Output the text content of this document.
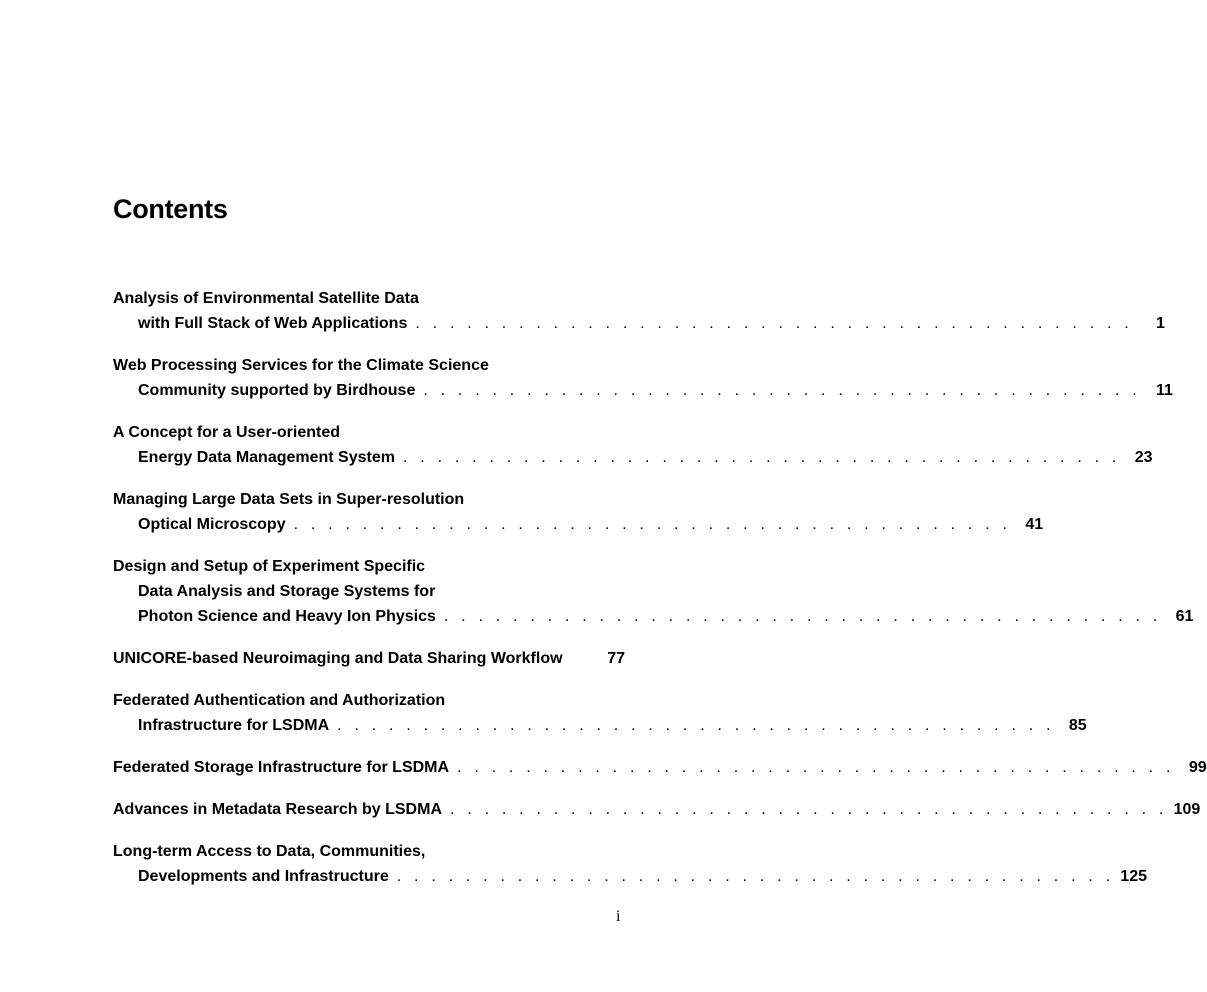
Contents
Analysis of Environmental Satellite Data
with Full Stack of Web Applications . . . . . . . . . . . . . . . . . . . . . . . . . . . . . . . . . . . . . . . . . .	1
Web Processing Services for the Climate Science
Community supported by Birdhouse . . . . . . . . . . . . . . . . . . . . . . . . . . . . . . . . . . . . . . . . . . 11
A Concept for a User-oriented
Energy Data Management System . . . . . . . . . . . . . . . . . . . . . . . . . . . . . . . . . . . . . . . . . . 23
Managing Large Data Sets in Super-resolution
Optical Microscopy . . . . . . . . . . . . . . . . . . . . . . . . . . . . . . . . . . . . . . . . . . 41
Design and Setup of Experiment Specific
Data Analysis and Storage Systems for
Photon Science and Heavy Ion Physics . . . . . . . . . . . . . . . . . . . . . . . . . . . . . . . . . . . . . . . . . . 61
UNICORE-based Neuroimaging and Data Sharing Workflow	77
Federated Authentication and Authorization
Infrastructure for LSDMA . . . . . . . . . . . . . . . . . . . . . . . . . . . . . . . . . . . . . . . . . . 85
Federated Storage Infrastructure for LSDMA . . . . . . . . . . . . . . . . . . . . . . . . . . . . . . . . . . . . . . . . . . 99
Advances in Metadata Research by LSDMA . . . . . . . . . . . . . . . . . . . . . . . . . . . . . . . . . . . . . . . . . . 109
Long-term Access to Data, Communities,
Developments and Infrastructure . . . . . . . . . . . . . . . . . . . . . . . . . . . . . . . . . . . . . . . . . . 125

i
